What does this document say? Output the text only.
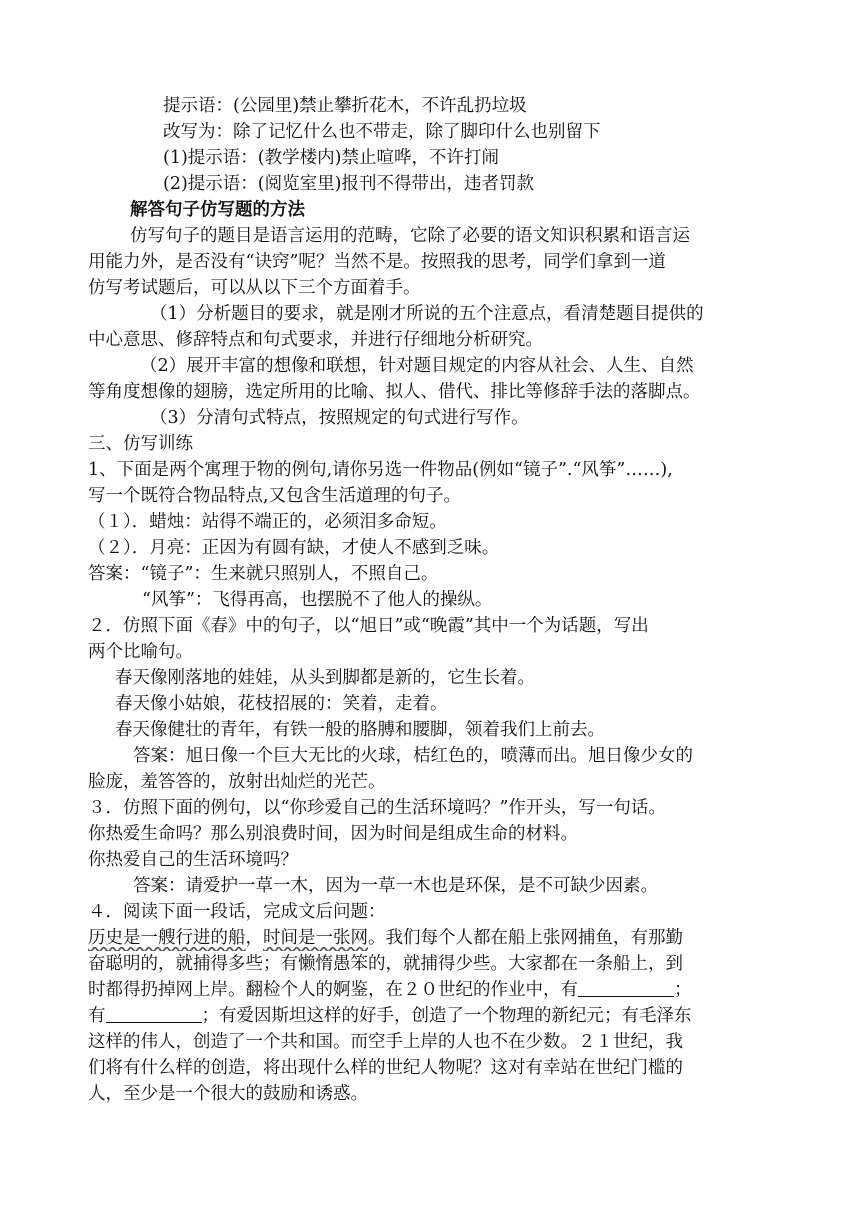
提示语：(公园里)禁止攀折花木，不许乱扔垃圾
改写为：除了记忆什么也不带走，除了脚印什么也别留下
(1)提示语：(教学楼内)禁止喧哗，不许打闹
(2)提示语：(阅览室里)报刊不得带出，违者罚款
解答句子仿写题的方法
仿写句子的题目是语言运用的范畴，它除了必要的语文知识积累和语言运
用能力外，是否没有“诀窍”呢？当然不是。按照我的思考，同学们拿到一道
仿写考试题后，可以从以下三个方面着手。
（1）分析题目的要求，就是刚才所说的五个注意点，看清楚题目提供的
中心意思、修辞特点和句式要求，并进行仔细地分析研究。
（2）展开丰富的想像和联想，针对题目规定的内容从社会、人生、自然
等角度想像的翅膀，选定所用的比喻、拟人、借代、排比等修辞手法的落脚点。
（3）分清句式特点，按照规定的句式进行写作。
三、仿写训练
1、下面是两个寓理于物的例句,请你另选一件物品(例如“镜子”.“风筝”……),
写一个既符合物品特点,又包含生活道理的句子。
（１）．蜡烛：站得不端正的，必须泪多命短。
（２）．月亮：正因为有圆有缺，才使人不感到乏味。
答案：“镜子”：生来就只照别人，不照自己。
“风筝”：飞得再高，也摆脱不了他人的操纵。
２．仿照下面《春》中的句子，以“旭日”或“晚霞”其中一个为话题，写出
两个比喻句。
春天像刚落地的娃娃，从头到脚都是新的，它生长着。
春天像小姑娘，花枝招展的：笑着，走着。
春天像健壮的青年，有铁一般的胳膊和腰脚，领着我们上前去。
答案：旭日像一个巨大无比的火球，桔红色的，喷薄而出。旭日像少女的
脸庞，羞答答的，放射出灿烂的光芒。
３．仿照下面的例句，以“你珍爱自己的生活环境吗？”作开头，写一句话。
你热爱生命吗？那么别浪费时间，因为时间是组成生命的材料。
你热爱自己的生活环境吗？
答案：请爱护一草一木，因为一草一木也是环保，是不可缺少因素。
４．阅读下面一段话，完成文后问题：
历史是一艘行进的船，时间是一张网。我们每个人都在船上张网捕鱼，有那勤
奋聪明的，就捕得多些；有懒惰愚笨的，就捕得少些。大家都在一条船上，到
时都得扔掉网上岸。翻检个人的婀鉴，在２０世纪的作业中，有	；
有	；有爱因斯坦这样的好手，创造了一个物理的新纪元；有毛泽东
这样的伟人，创造了一个共和国。而空手上岸的人也不在少数。２１世纪，我
们将有什么样的创造，将出现什么样的世纪人物呢？这对有幸站在世纪门槛的
人，至少是一个很大的鼓励和诱惑。
